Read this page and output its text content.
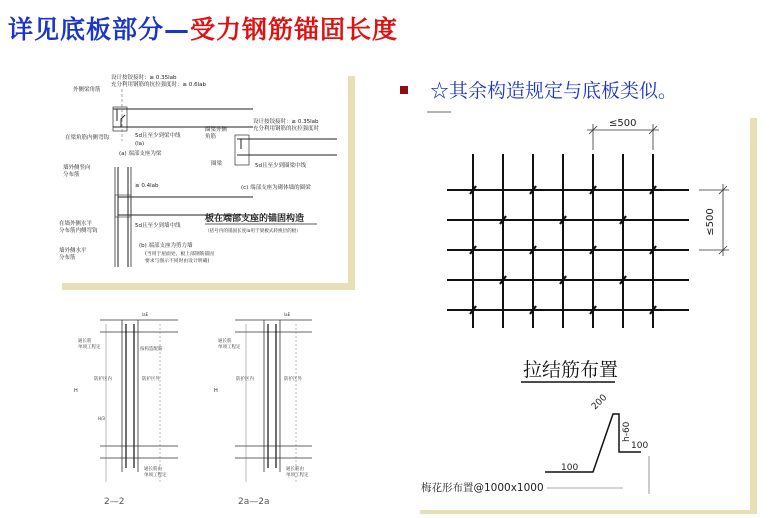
详见底板部分—受力钢筋锚固长度
☆其余构造规定与底板类似。
外侧梁角筋
在梁角筋内侧弯钩
设计按铰接时：≥ 0.35lab
充分利用钢筋的抗拉强度时：≥ 0.6lab
5d且至少到梁中线
(la)
(a) 端部支座为梁
墙外侧竖向
分布筋
≥ 0.4lab
5d且至少到墙中线
在墙外侧水平
分布筋内侧弯钩
墙外侧水平
分布筋
(b) 端部支座为剪力墙
(当用于屋面处，板上部钢筋锚固
要求与图示不同时由设计明确)
圈梁外侧
角筋
圈梁
设计按铰接时：≥ 0.35lab
充分利用钢筋的抗拉强度时
5d且至少到圈梁中线
(c) 端部支座为砌体墙的圈梁
板在端部支座的锚固构造
（括号内的锚固长度la用于梁板式转换层的板）
H
H/3
laE
通长筋
单项工程定	按构造配筋
防护区内	防护区外
通长筋由
单项工程定
2—2
H
laE
通长筋
单项工程定
防护区内	防护区外
通长筋由
单项工程定
2a—2a
≤500
≤500
拉结筋布置
200
h-60
100
100
梅花形布置@1000x1000
